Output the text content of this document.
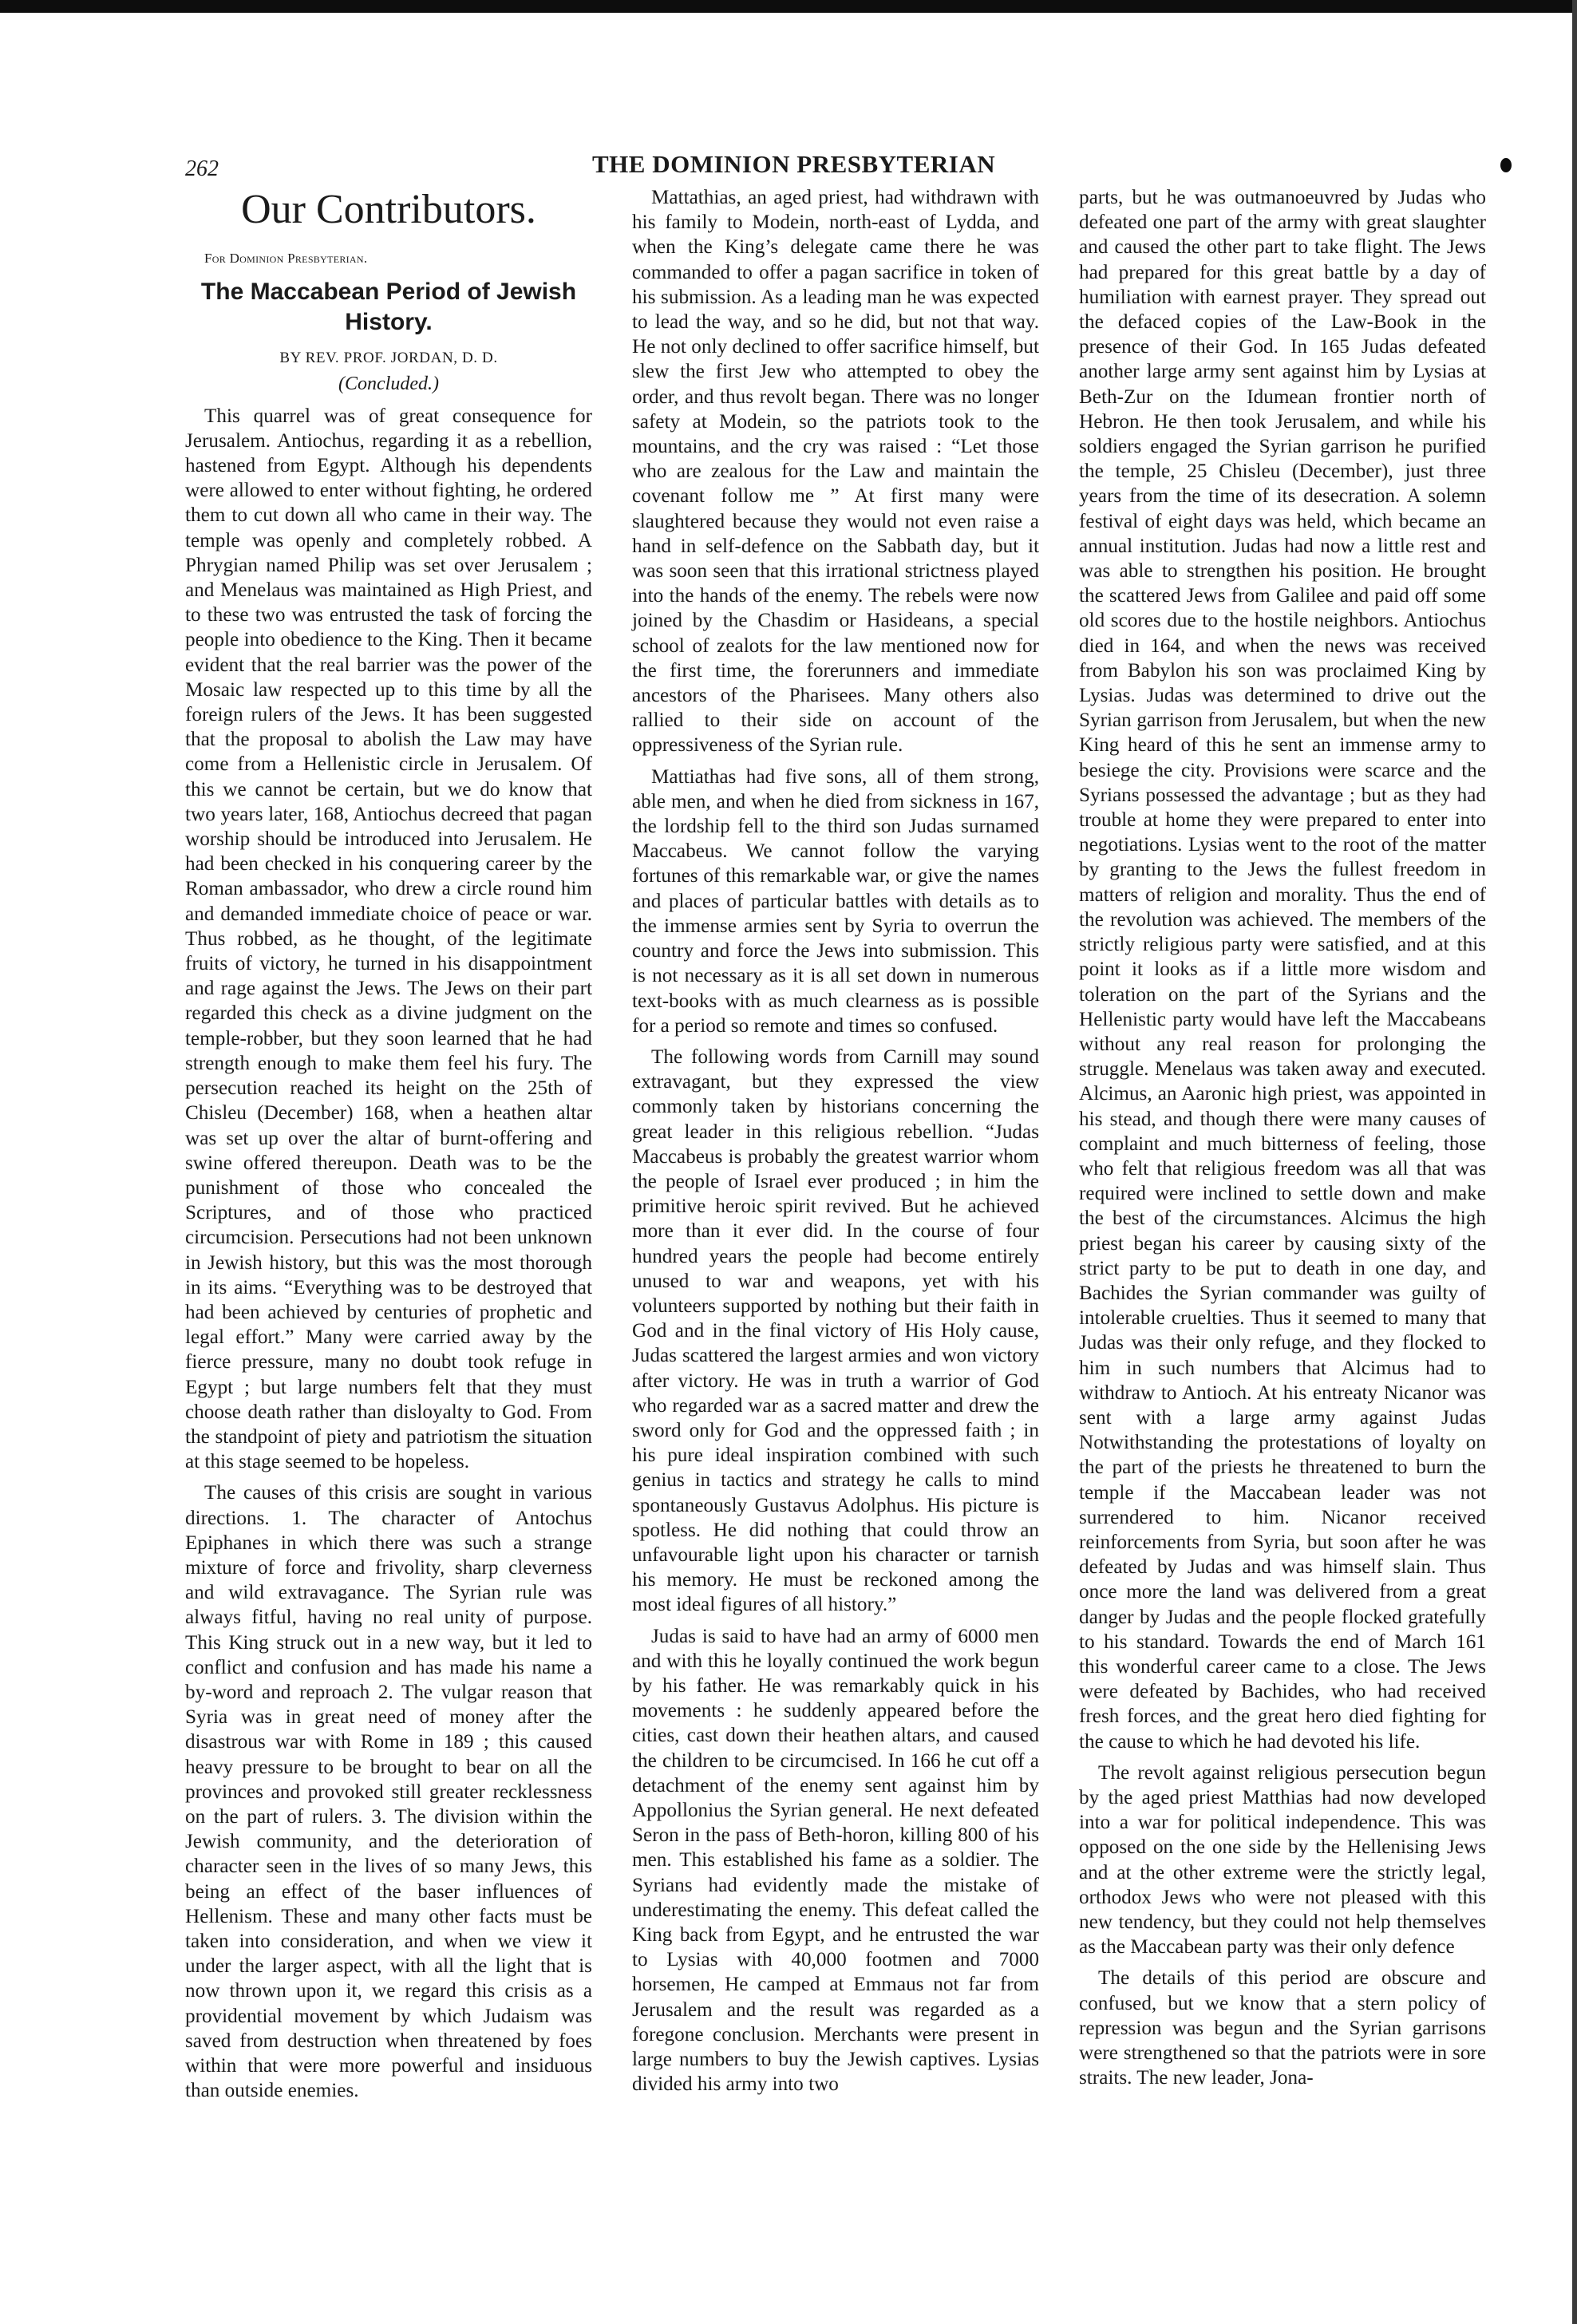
262	THE DOMINION PRESBYTERIAN
Our Contributors.

For Dominion Presbyterian.

The Maccabean Period of Jewish History.
BY REV. PROF. JORDAN, D. D.
(Concluded.)

This quarrel was of great consequence for Jerusalem. Antiochus, regarding it as a rebellion, hastened from Egypt. Although his dependents were allowed to enter without fighting, he ordered them to cut down all who came in their way. The temple was openly and completely robbed. A Phrygian named Philip was set over Jerusalem ; and Menelaus was maintained as High Priest, and to these two was entrusted the task of forcing the people into obedience to the King. Then it became evident that the real barrier was the power of the Mosaic law respected up to this time by all the foreign rulers of the Jews. It has been suggested that the proposal to abolish the Law may have come from a Hellenistic circle in Jerusalem. Of this we cannot be certain, but we do know that two years later, 168, Antiochus decreed that pagan worship should be introduced into Jerusalem. He had been checked in his conquering career by the Roman ambassador, who drew a circle round him and demanded immediate choice of peace or war. Thus robbed, as he thought, of the legitimate fruits of victory, he turned in his disappointment and rage against the Jews. The Jews on their part regarded this check as a divine judgment on the temple-robber, but they soon learned that he had strength enough to make them feel his fury. The persecution reached its height on the 25th of Chisleu (December) 168, when a heathen altar was set up over the altar of burnt-offering and swine offered thereupon. Death was to be the punishment of those who concealed the Scriptures, and of those who practiced circumcision. Persecutions had not been unknown in Jewish history, but this was the most thorough in its aims. “Everything was to be destroyed that had been achieved by centuries of prophetic and legal effort.” Many were carried away by the fierce pressure, many no doubt took refuge in Egypt ; but large numbers felt that they must choose death rather than disloyalty to God. From the standpoint of piety and patriotism the situation at this stage seemed to be hopeless.

The causes of this crisis are sought in various directions. 1. The character of Antochus Epiphanes in which there was such a strange mixture of force and frivolity, sharp cleverness and wild extravagance. The Syrian rule was always fitful, having no real unity of purpose. This King struck out in a new way, but it led to conflict and confusion and has made his name a by-word and reproach 2. The vulgar reason that Syria was in great need of money after the disastrous war with Rome in 189 ; this caused heavy pressure to be brought to bear on all the provinces and provoked still greater recklessness on the part of rulers. 3. The division within the Jewish community, and the deterioration of character seen in the lives of so many Jews, this being an effect of the baser influences of Hellenism. These and many other facts must be taken into consideration, and when we view it under the larger aspect, with all the light that is now thrown upon it, we regard this crisis as a providential movement by which Judaism was saved from destruction when threatened by foes within that were more powerful and insiduous than outside enemies.

Mattathias, an aged priest, had withdrawn with his family to Modein, north-east of Lydda, and when the King’s delegate came there he was commanded to offer a pagan sacrifice in token of his submission. As a leading man he was expected to lead the way, and so he did, but not that way. He not only declined to offer sacrifice himself, but slew the first Jew who attempted to obey the order, and thus revolt began. There was no longer safety at Modein, so the patriots took to the mountains, and the cry was raised : “Let those who are zealous for the Law and maintain the covenant follow me ” At first many were slaughtered because they would not even raise a hand in self-defence on the Sabbath day, but it was soon seen that this irrational strictness played into the hands of the enemy. The rebels were now joined by the Chasdim or Hasideans, a special school of zealots for the law mentioned now for the first time, the forerunners and immediate ancestors of the Pharisees. Many others also rallied to their side on account of the oppressiveness of the Syrian rule.

Mattiathas had five sons, all of them strong, able men, and when he died from sickness in 167, the lordship fell to the third son Judas surnamed Maccabeus. We cannot follow the varying fortunes of this remarkable war, or give the names and places of particular battles with details as to the immense armies sent by Syria to overrun the country and force the Jews into submission. This is not necessary as it is all set down in numerous text-books with as much clearness as is possible for a period so remote and times so confused.

The following words from Carnill may sound extravagant, but they expressed the view commonly taken by historians concerning the great leader in this religious rebellion. “Judas Maccabeus is probably the greatest warrior whom the people of Israel ever produced ; in him the primitive heroic spirit revived. But he achieved more than it ever did. In the course of four hundred years the people had become entirely unused to war and weapons, yet with his volunteers supported by nothing but their faith in God and in the final victory of His Holy cause, Judas scattered the largest armies and won victory after victory. He was in truth a warrior of God who regarded war as a sacred matter and drew the sword only for God and the oppressed faith ; in his pure ideal inspiration combined with such genius in tactics and strategy he calls to mind spontaneously Gustavus Adolphus. His picture is spotless. He did nothing that could throw an unfavourable light upon his character or tarnish his memory. He must be reckoned among the most ideal figures of all history.”

Judas is said to have had an army of 6000 men and with this he loyally continued the work begun by his father. He was remarkably quick in his movements : he suddenly appeared before the cities, cast down their heathen altars, and caused the children to be circumcised. In 166 he cut off a detachment of the enemy sent against him by Appollonius the Syrian general. He next defeated Seron in the pass of Beth-horon, killing 800 of his men. This established his fame as a soldier. The Syrians had evidently made the mistake of underestimating the enemy. This defeat called the King back from Egypt, and he entrusted the war to Lysias with 40,000 footmen and 7000 horsemen, He camped at Emmaus not far from Jerusalem and the result was regarded as a foregone conclusion. Merchants were present in large numbers to buy the Jewish captives. Lysias divided his army into two

parts, but he was outmanoeuvred by Judas who defeated one part of the army with great slaughter and caused the other part to take flight. The Jews had prepared for this great battle by a day of humiliation with earnest prayer. They spread out the defaced copies of the Law-Book in the presence of their God. In 165 Judas defeated another large army sent against him by Lysias at Beth-Zur on the Idumean frontier north of Hebron. He then took Jerusalem, and while his soldiers engaged the Syrian garrison he purified the temple, 25 Chisleu (December), just three years from the time of its desecration. A solemn festival of eight days was held, which became an annual institution. Judas had now a little rest and was able to strengthen his position. He brought the scattered Jews from Galilee and paid off some old scores due to the hostile neighbors. Antiochus died in 164, and when the news was received from Babylon his son was proclaimed King by Lysias. Judas was determined to drive out the Syrian garrison from Jerusalem, but when the new King heard of this he sent an immense army to besiege the city. Provisions were scarce and the Syrians possessed the advantage ; but as they had trouble at home they were prepared to enter into negotiations. Lysias went to the root of the matter by granting to the Jews the fullest freedom in matters of religion and morality. Thus the end of the revolution was achieved. The members of the strictly religious party were satisfied, and at this point it looks as if a little more wisdom and toleration on the part of the Syrians and the Hellenistic party would have left the Maccabeans without any real reason for prolonging the struggle. Menelaus was taken away and executed. Alcimus, an Aaronic high priest, was appointed in his stead, and though there were many causes of complaint and much bitterness of feeling, those who felt that religious freedom was all that was required were inclined to settle down and make the best of the circumstances. Alcimus the high priest began his career by causing sixty of the strict party to be put to death in one day, and Bachides the Syrian commander was guilty of intolerable cruelties. Thus it seemed to many that Judas was their only refuge, and they flocked to him in such numbers that Alcimus had to withdraw to Antioch. At his entreaty Nicanor was sent with a large army against Judas Notwithstanding the protestations of loyalty on the part of the priests he threatened to burn the temple if the Maccabean leader was not surrendered to him. Nicanor received reinforcements from Syria, but soon after he was defeated by Judas and was himself slain. Thus once more the land was delivered from a great danger by Judas and the people flocked gratefully to his standard. Towards the end of March 161 this wonderful career came to a close. The Jews were defeated by Bachides, who had received fresh forces, and the great hero died fighting for the cause to which he had devoted his life.

The revolt against religious persecution begun by the aged priest Matthias had now developed into a war for political independence. This was opposed on the one side by the Hellenising Jews and at the other extreme were the strictly legal, orthodox Jews who were not pleased with this new tendency, but they could not help themselves as the Maccabean party was their only defence

The details of this period are obscure and confused, but we know that a stern policy of repression was begun and the Syrian garrisons were strengthened so that the patriots were in sore straits. The new leader, Jona-
